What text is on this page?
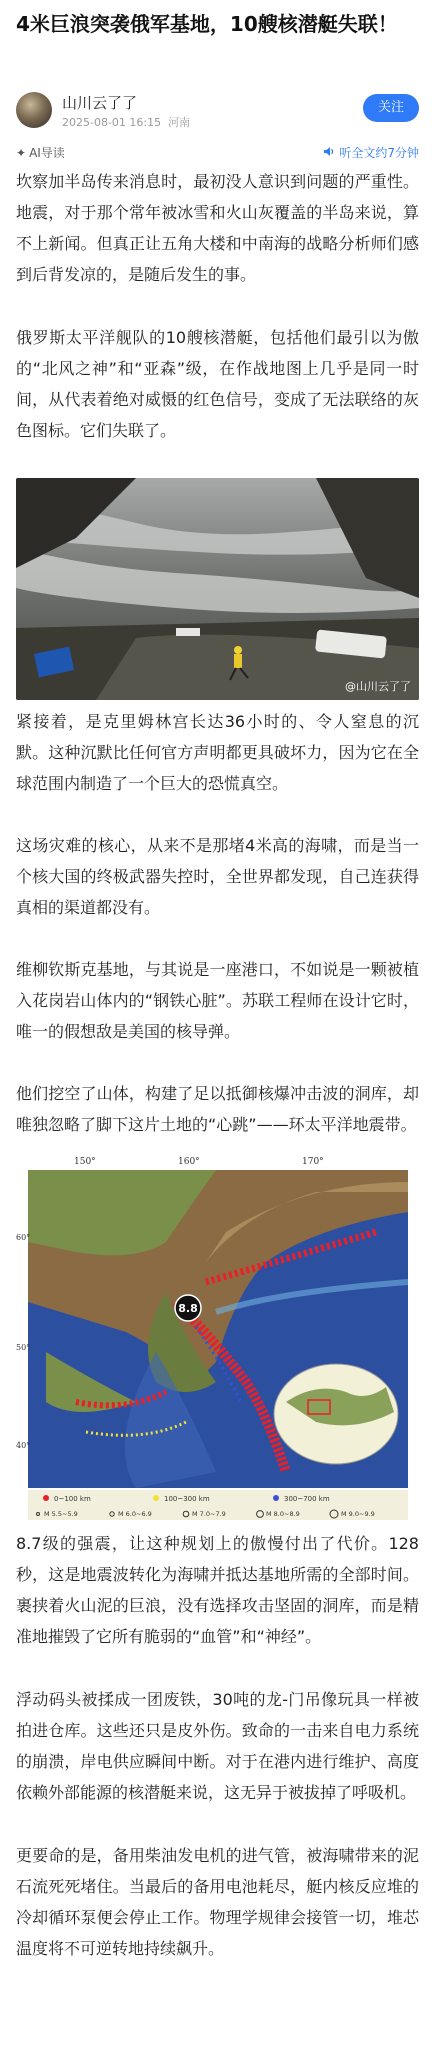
4米巨浪突袭俄军基地，10艘核潜艇失联！
山川云了了
2025-08-01 16:15 河南
关注
✦ AI导读	听全文约7分钟

坎察加半岛传来消息时，最初没人意识到问题的严重性。地震，对于那个常年被冰雪和火山灰覆盖的半岛来说，算不上新闻。但真正让五角大楼和中南海的战略分析师们感到后背发凉的，是随后发生的事。

俄罗斯太平洋舰队的10艘核潜艇，包括他们最引以为傲的“北风之神”和“亚森”级，在作战地图上几乎是同一时间，从代表着绝对威慑的红色信号，变成了无法联络的灰色图标。它们失联了。

@山川云了了

紧接着，是克里姆林宫长达36小时的、令人窒息的沉默。这种沉默比任何官方声明都更具破坏力，因为它在全球范围内制造了一个巨大的恐慌真空。

这场灾难的核心，从来不是那堵4米高的海啸，而是当一个核大国的终极武器失控时，全世界都发现，自己连获得真相的渠道都没有。

维柳钦斯克基地，与其说是一座港口，不如说是一颗被植入花岗岩山体内的“钢铁心脏”。苏联工程师在设计它时，唯一的假想敌是美国的核导弹。

他们挖空了山体，构建了足以抵御核爆冲击波的洞库，却唯独忽略了脚下这片土地的“心跳”——环太平洋地震带。

8.8
150°	160°	170°
60°
50°
40°
0~100 km	100~300 km	300~700 km
M 5.5~5.9	M 6.0~6.9	M 7.0~7.9	M 8.0~8.9	M 9.0~9.9

8.7级的强震，让这种规划上的傲慢付出了代价。128秒，这是地震波转化为海啸并抵达基地所需的全部时间。裹挟着火山泥的巨浪，没有选择攻击坚固的洞库，而是精准地摧毁了它所有脆弱的“血管”和“神经”。

浮动码头被揉成一团废铁，30吨的龙-门吊像玩具一样被拍进仓库。这些还只是皮外伤。致命的一击来自电力系统的崩溃，岸电供应瞬间中断。对于在港内进行维护、高度依赖外部能源的核潜艇来说，这无异于被拔掉了呼吸机。

更要命的是，备用柴油发电机的进气管，被海啸带来的泥石流死死堵住。当最后的备用电池耗尽，艇内核反应堆的冷却循环泵便会停止工作。物理学规律会接管一切，堆芯温度将不可逆转地持续飙升。
